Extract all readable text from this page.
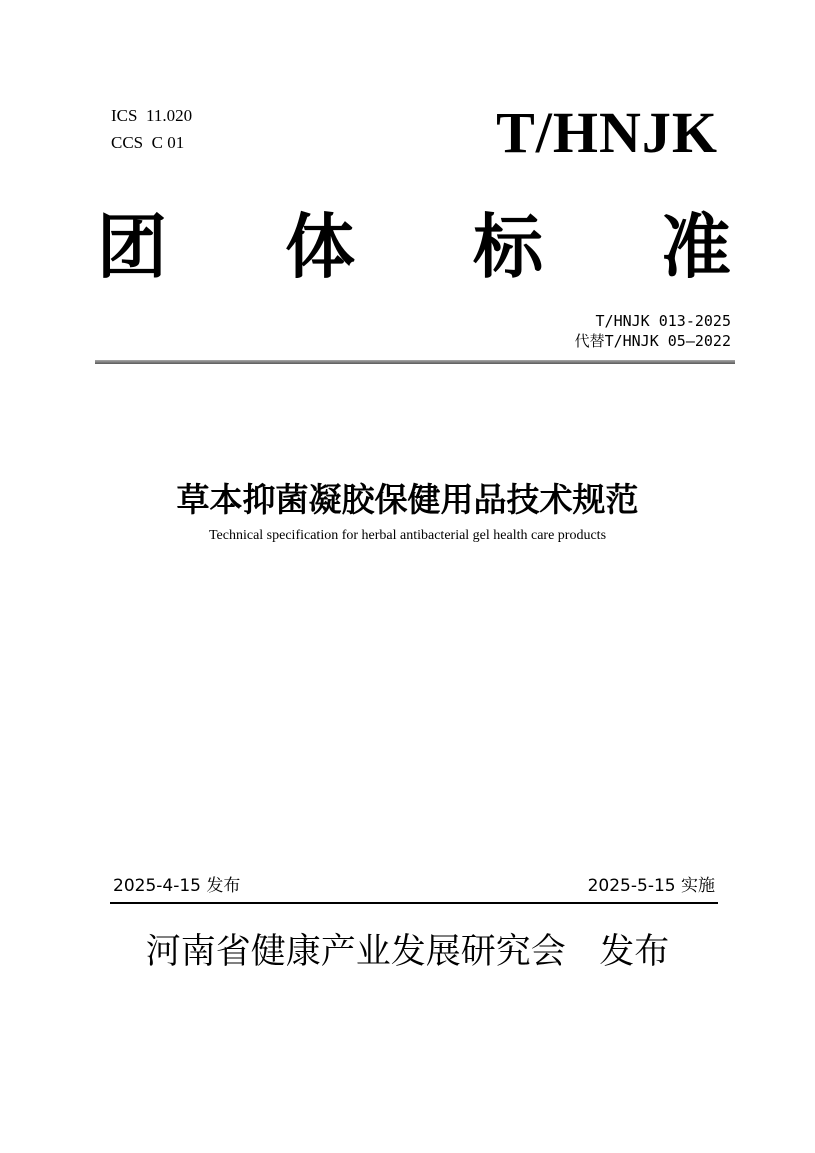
ICS 11.020
CCS C 01	T/HNJK
团 体 标 准
T/HNJK 013-2025
代替T/HNJK 05—2022
草本抑菌凝胶保健用品技术规范
Technical specification for herbal antibacterial gel health care products
2025-4-15 发布	2025-5-15 实施
河南省健康产业发展研究会 发布
